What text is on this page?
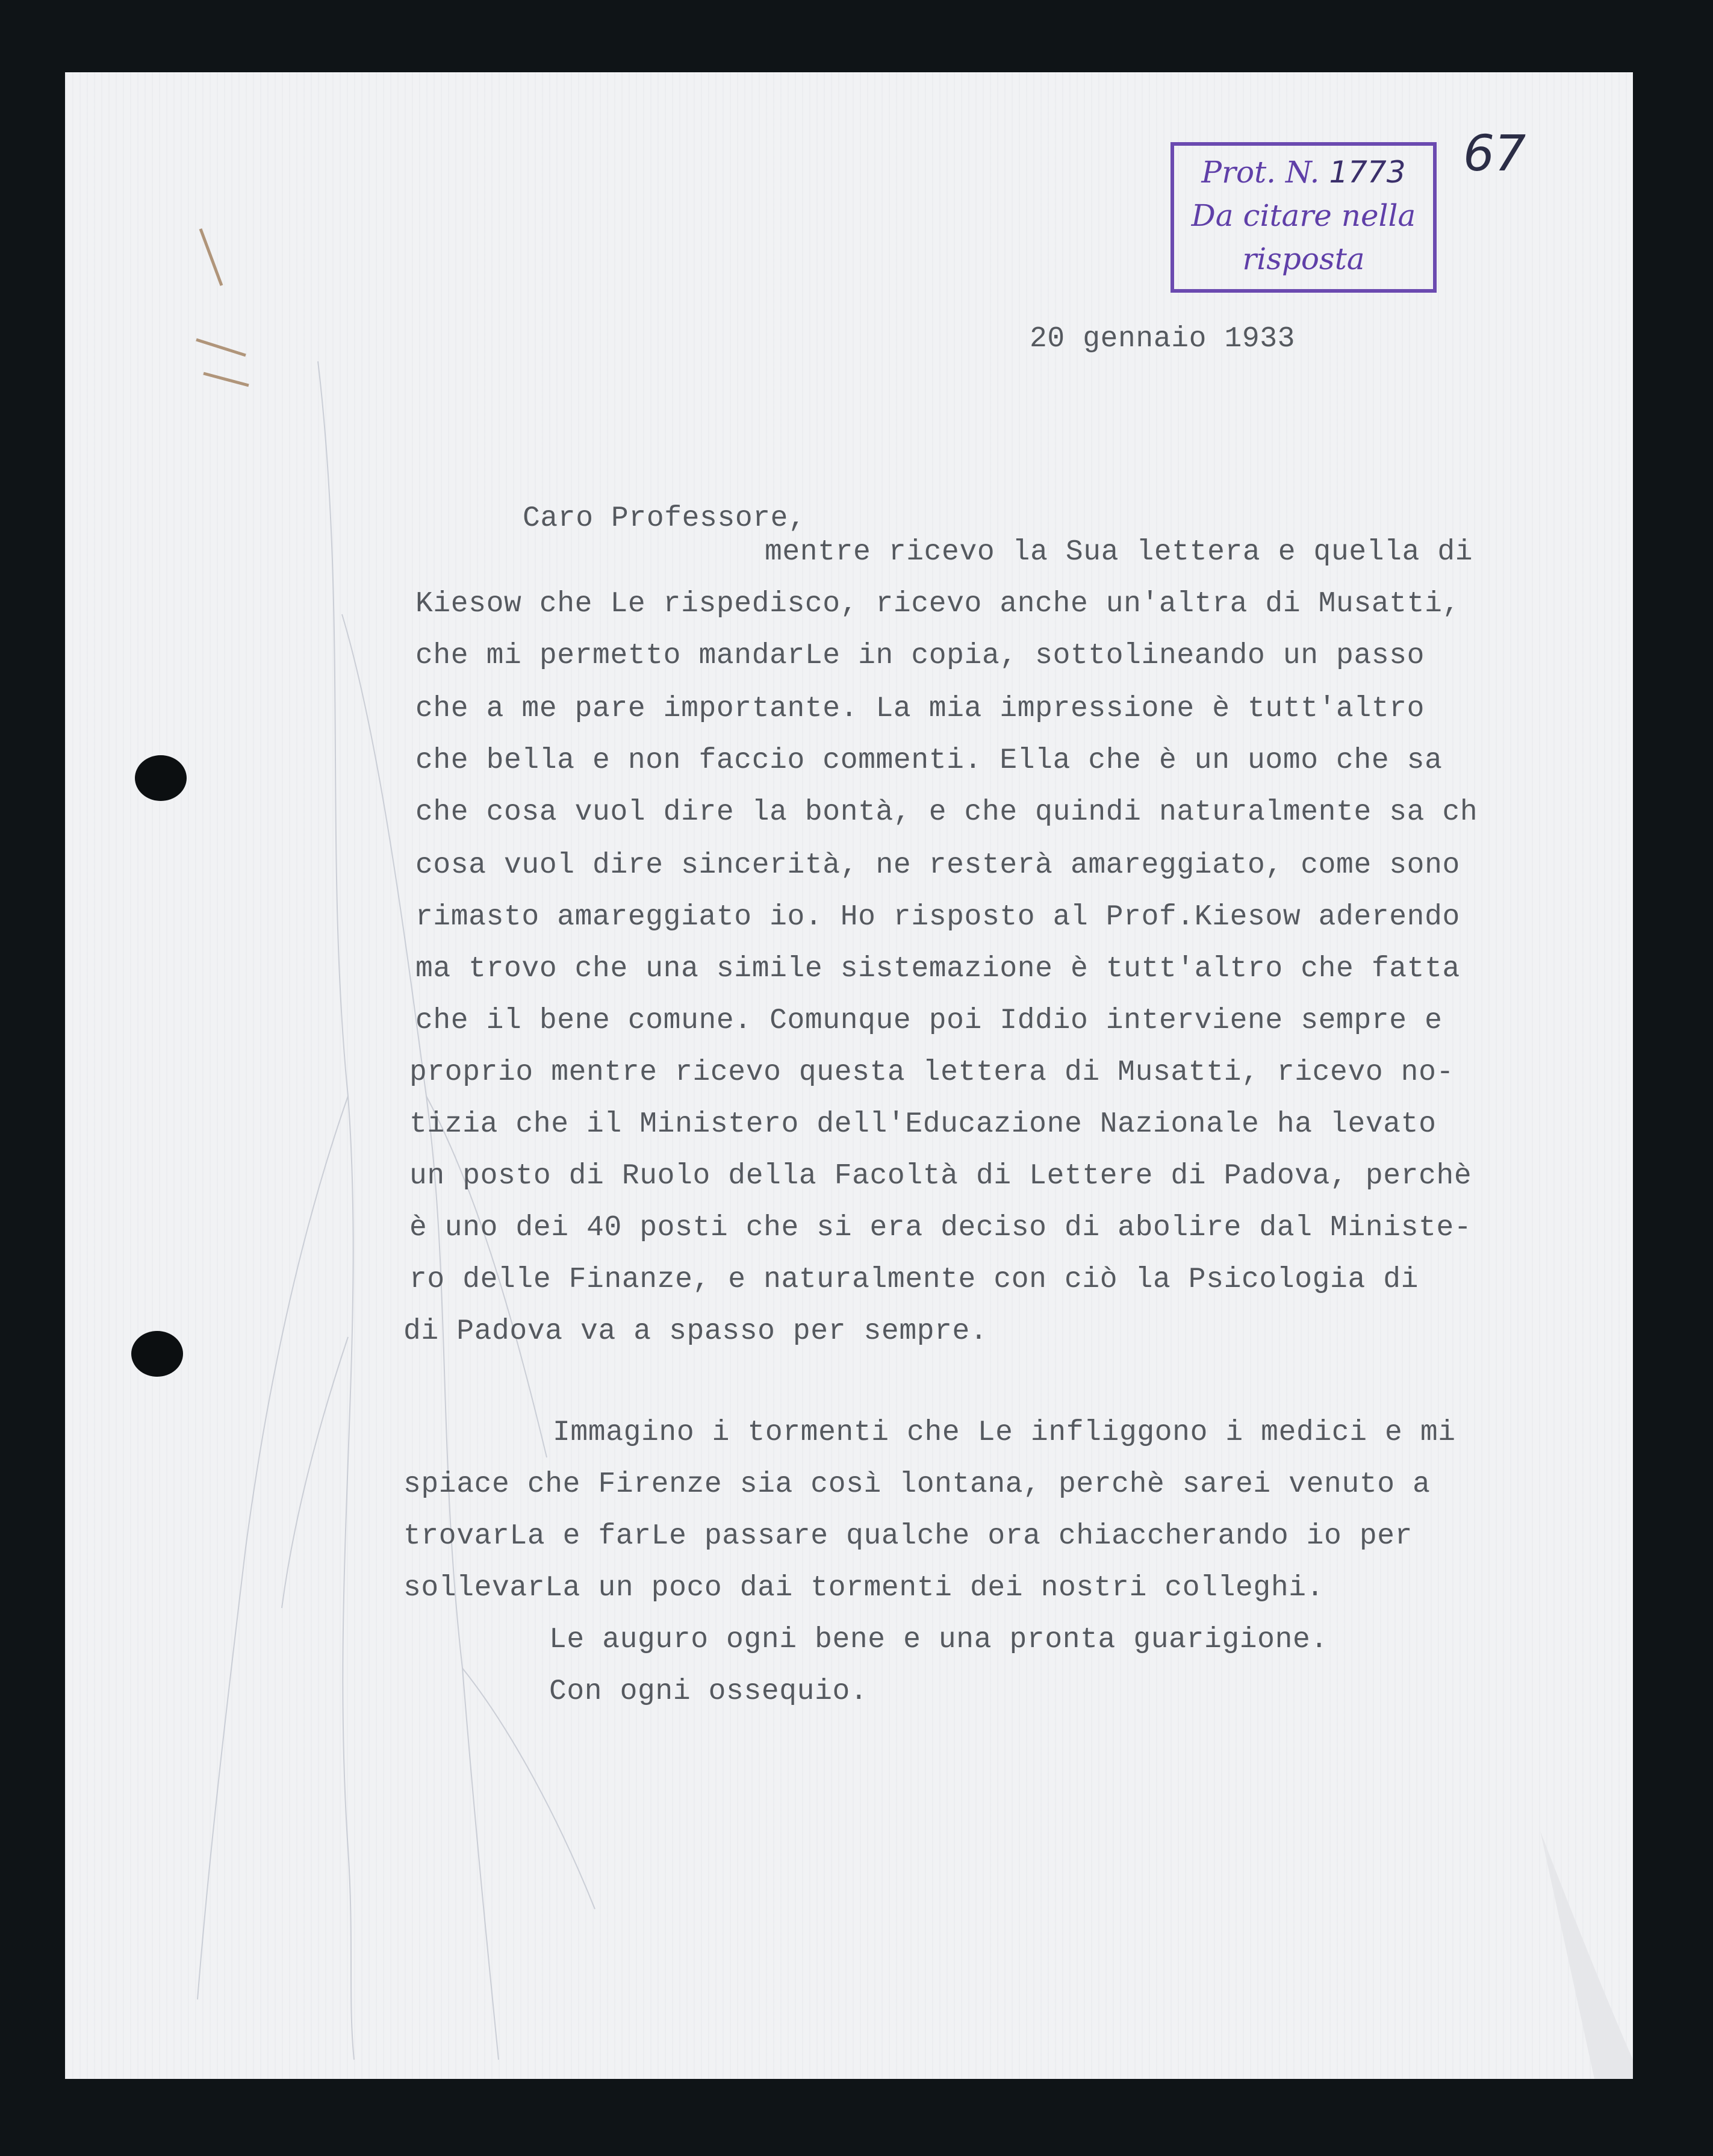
Prot. N. 1773
Da citare nella
risposta
67
20 gennaio 1933
Caro Professore,
mentre ricevo la Sua lettera e quella di
Kiesow che Le rispedisco, ricevo anche un'altra di Musatti,
che mi permetto mandarLe in copia, sottolineando un passo
che a me pare importante. La mia impressione è tutt'altro
che bella e non faccio commenti. Ella che è un uomo che sa
che cosa vuol dire la bontà, e che quindi naturalmente sa ch
cosa vuol dire sincerità, ne resterà amareggiato, come sono
rimasto amareggiato io. Ho risposto al Prof.Kiesow aderendo
ma trovo che una simile sistemazione è tutt'altro che fatta
che il bene comune. Comunque poi Iddio interviene sempre e
proprio mentre ricevo questa lettera di Musatti, ricevo no-
tizia che il Ministero dell'Educazione Nazionale ha levato
un posto di Ruolo della Facoltà di Lettere di Padova, perchè
è uno dei 40 posti che si era deciso di abolire dal Ministe-
ro delle Finanze, e naturalmente con ciò la Psicologia di
di Padova va a spasso per sempre.
Immagino i tormenti che Le infliggono i medici e mi
spiace che Firenze sia così lontana, perchè sarei venuto a
trovarLa e farLe passare qualche ora chiaccherando io per
sollevarLa un poco dai tormenti dei nostri colleghi.
Le auguro ogni bene e una pronta guarigione.
Con ogni ossequio.
